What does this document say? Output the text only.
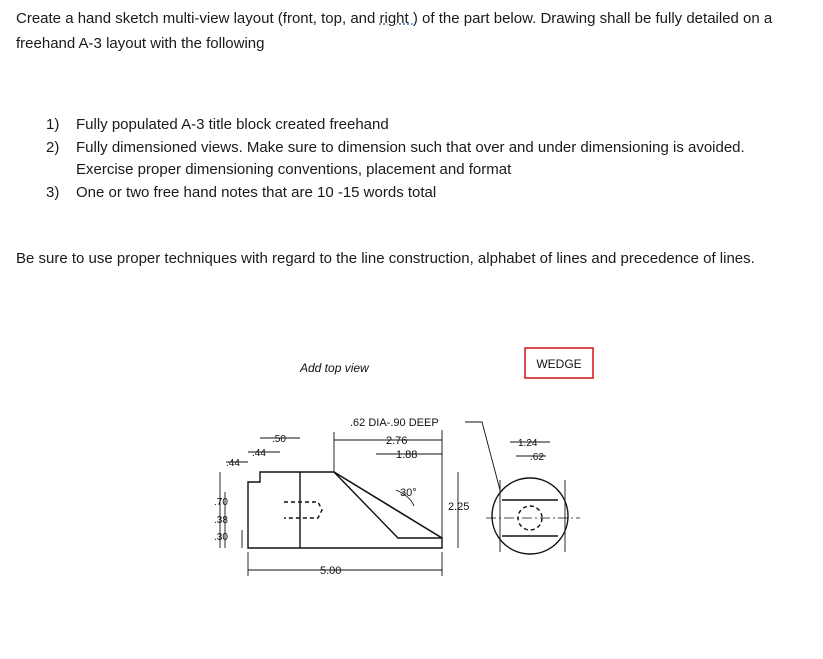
Create a hand sketch multi-view layout (front, top, and right ) of the part below. Drawing shall be fully detailed on a freehand A-3 layout with the following

1) Fully populated A-3 title block created freehand
2) Fully dimensioned views. Make sure to dimension such that over and under dimensioning is avoided. Exercise proper dimensioning conventions, placement and format
3) One or two free hand notes that are 10 -15 words total

Be sure to use proper techniques with regard to the line construction, alphabet of lines and precedence of lines.

Add top view	WEDGE
.62 DIA-.90 DEEP
2.76
1.88
30°
2.25
5.00
.50
.44
.44
.70
.38
.30
1.24
.62
